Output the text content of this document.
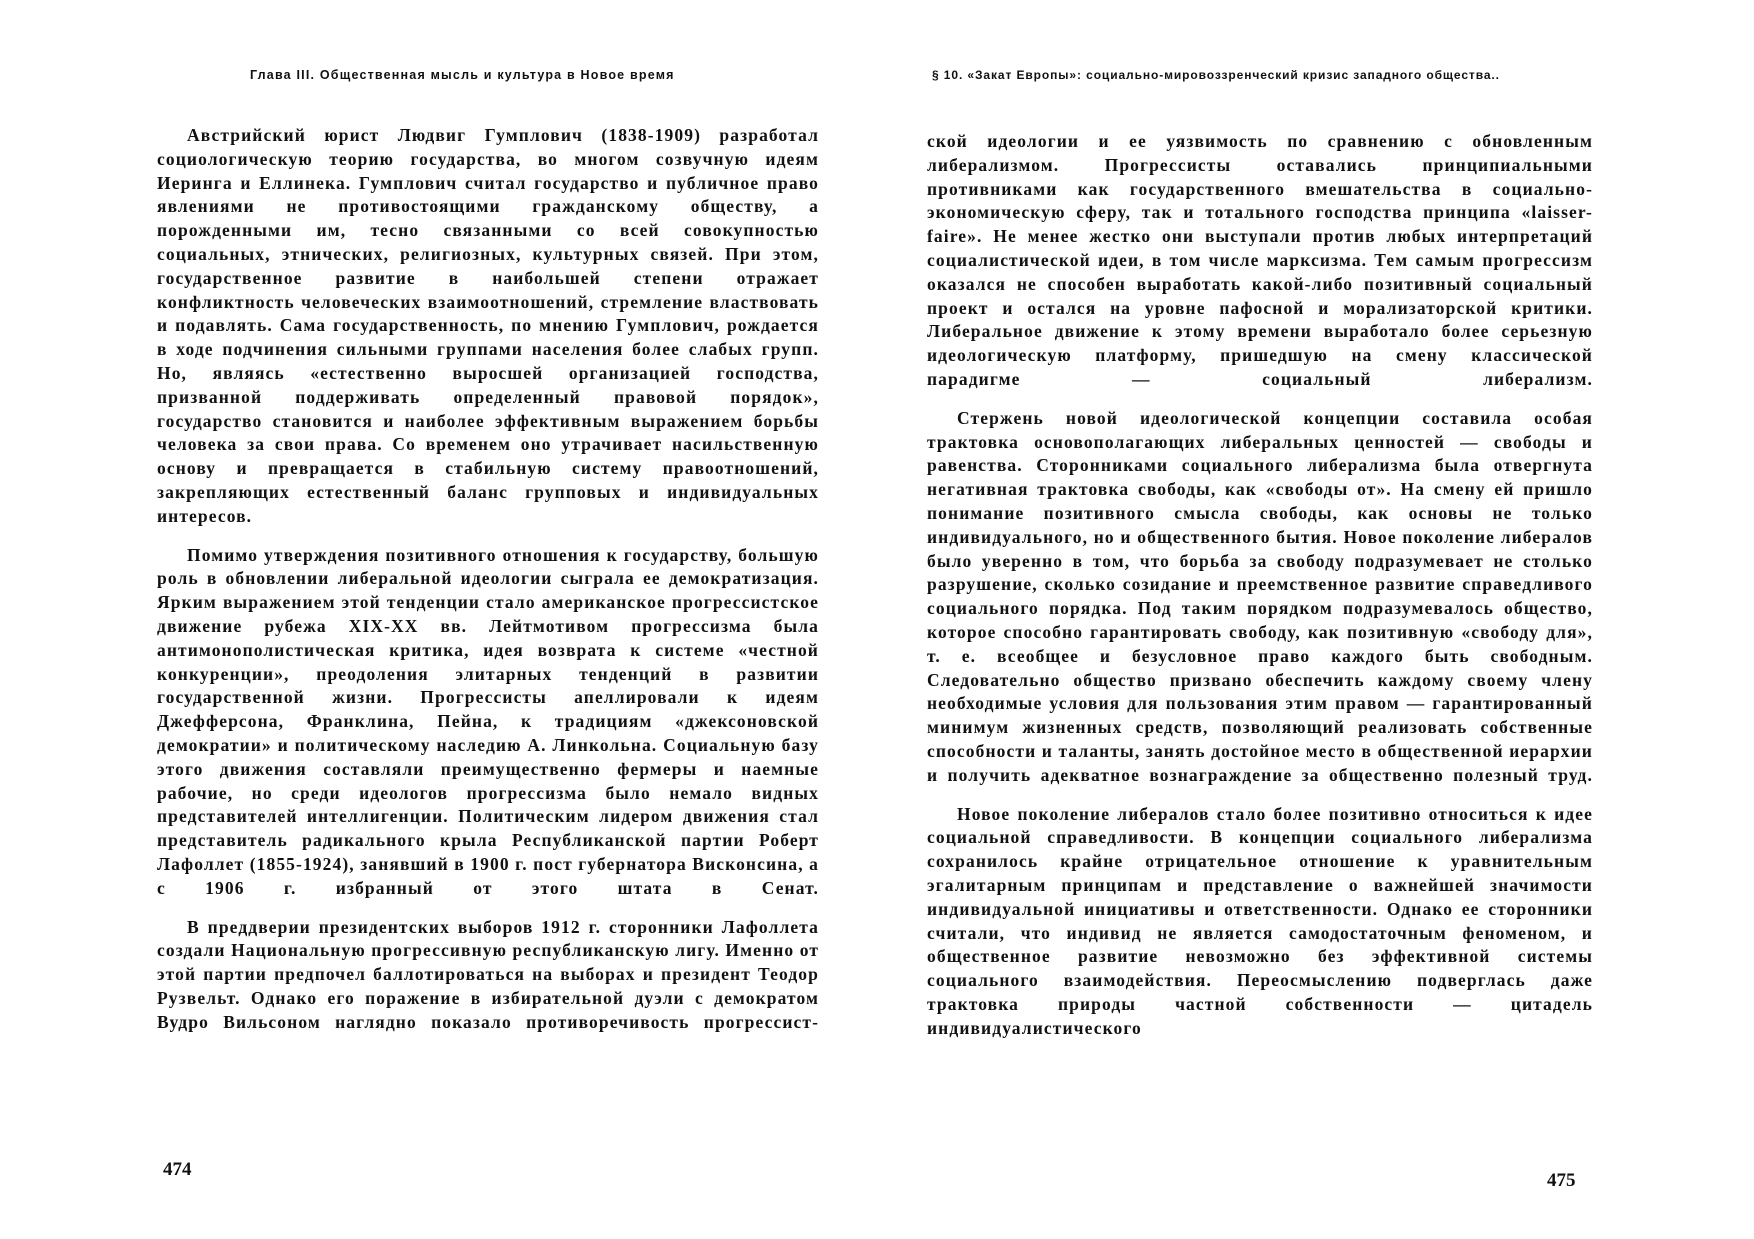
Глава III. Общественная мысль и культура в Новое время

Австрийский юрист Людвиг Гумплович (1838-1909) разработал социологическую теорию государства, во многом созвучную идеям Иеринга и Еллинека. Гумплович считал государство и публичное право явлениями не противостоящими гражданскому обществу, а порожденными им, тесно связанными со всей совокупностью социальных, этнических, религиозных, культурных связей. При этом, государственное развитие в наибольшей степени отражает конфликтность человеческих взаимоотношений, стремление властвовать и подавлять. Сама государственность, по мнению Гумплович, рождается в ходе подчинения сильными группами населения более слабых групп. Но, являясь «естественно выросшей организацией господства, призванной поддерживать определенный правовой порядок», государство становится и наиболее эффективным выражением борьбы человека за свои права. Со временем оно утрачивает насильственную основу и превращается в стабильную систему правоотношений, закрепляющих естественный баланс групповых и индивидуальных интересов.

Помимо утверждения позитивного отношения к государству, большую роль в обновлении либеральной идеологии сыграла ее демократизация. Ярким выражением этой тенденции стало американское прогрессистское движение рубежа XIX-XX вв. Лейтмотивом прогрессизма была антимонополистическая критика, идея возврата к системе «честной конкуренции», преодоления элитарных тенденций в развитии государственной жизни. Прогрессисты апеллировали к идеям Джефферсона, Франклина, Пейна, к традициям «джексоновской демократии» и политическому наследию А. Линкольна. Социальную базу этого движения составляли преимущественно фермеры и наемные рабочие, но среди идеологов прогрессизма было немало видных представителей интеллигенции. Политическим лидером движения стал представитель радикального крыла Республиканской партии Роберт Лафоллет (1855-1924), занявший в 1900 г. пост губернатора Висконсина, а с 1906 г. избранный от этого штата в Сенат.

В преддверии президентских выборов 1912 г. сторонники Лафоллета создали Национальную прогрессивную республиканскую лигу. Именно от этой партии предпочел баллотироваться на выборах и президент Теодор Рузвельт. Однако его поражение в избирательной дуэли с демократом Вудро Вильсоном наглядно показало противоречивость прогрессист-

474
§ 10. «Закат Европы»: социально-мировоззренческий кризис западного общества..

ской идеологии и ее уязвимость по сравнению с обновленным либерализмом. Прогрессисты оставались принципиальными противниками как государственного вмешательства в социально-экономическую сферу, так и тотального господства принципа «laisser-faire». Не менее жестко они выступали против любых интерпретаций социалистической идеи, в том числе марксизма. Тем самым прогрессизм оказался не способен выработать какой-либо позитивный социальный проект и остался на уровне пафосной и морализаторской критики. Либеральное движение к этому времени выработало более серьезную идеологическую платформу, пришедшую на смену классической парадигме — социальный либерализм.

Стержень новой идеологической концепции составила особая трактовка основополагающих либеральных ценностей — свободы и равенства. Сторонниками социального либерализма была отвергнута негативная трактовка свободы, как «свободы от». На смену ей пришло понимание позитивного смысла свободы, как основы не только индивидуального, но и общественного бытия. Новое поколение либералов было уверенно в том, что борьба за свободу подразумевает не столько разрушение, сколько созидание и преемственное развитие справедливого социального порядка. Под таким порядком подразумевалось общество, которое способно гарантировать свободу, как позитивную «свободу для», т. е. всеобщее и безусловное право каждого быть свободным. Следовательно общество призвано обеспечить каждому своему члену необходимые условия для пользования этим правом — гарантированный минимум жизненных средств, позволяющий реализовать собственные способности и таланты, занять достойное место в общественной иерархии и получить адекватное вознаграждение за общественно полезный труд.

Новое поколение либералов стало более позитивно относиться к идее социальной справедливости. В концепции социального либерализма сохранилось крайне отрицательное отношение к уравнительным эгалитарным принципам и представление о важнейшей значимости индивидуальной инициативы и ответственности. Однако ее сторонники считали, что индивид не является самодостаточным феноменом, и общественное развитие невозможно без эффективной системы социального взаимодействия. Переосмыслению подверглась даже трактовка природы частной собственности — цитадель индивидуалистического

475
